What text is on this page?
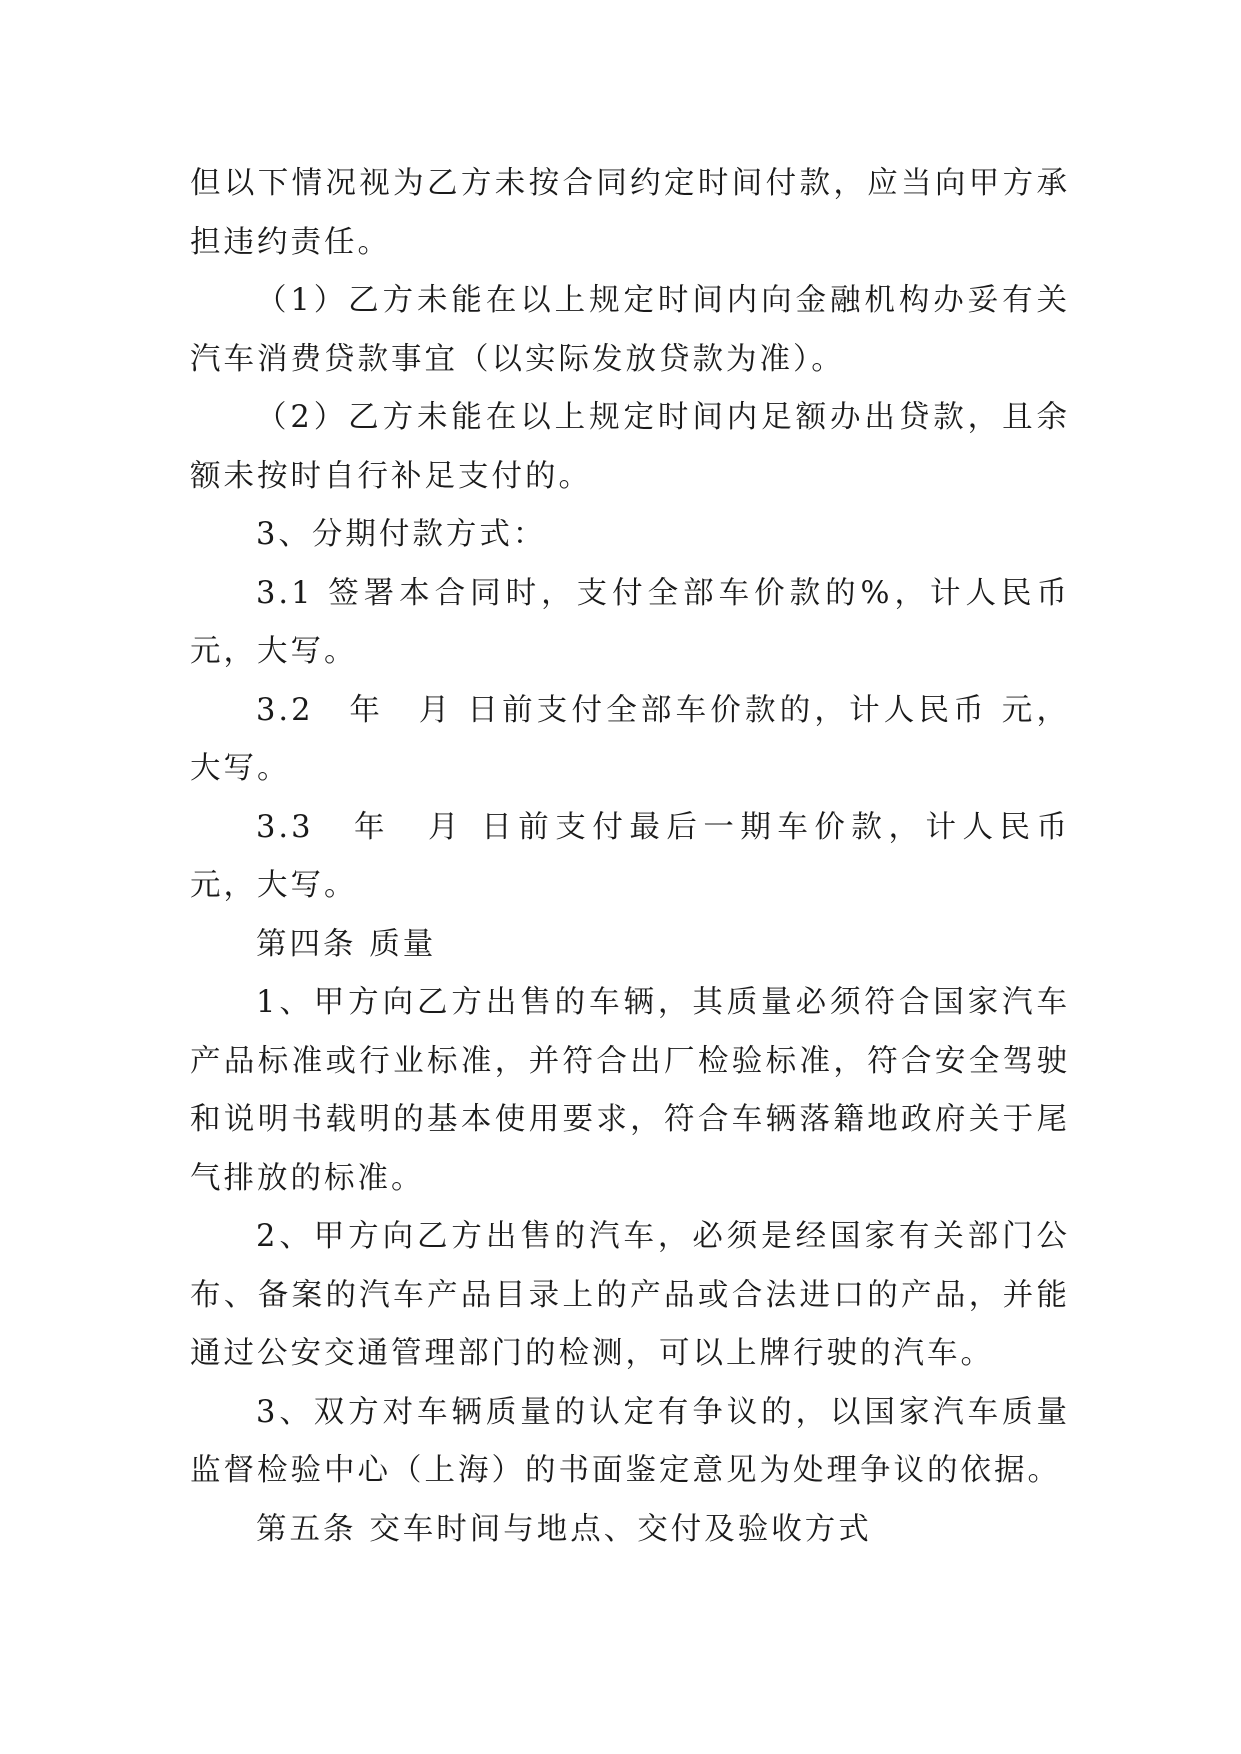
但以下情况视为乙方未按合同约定时间付款，应当向甲方承担违约责任。

（1）乙方未能在以上规定时间内向金融机构办妥有关汽车消费贷款事宜（以实际发放贷款为准）。

（2）乙方未能在以上规定时间内足额办出贷款，且余额未按时自行补足支付的。

3、分期付款方式：

3.1 签署本合同时，支付全部车价款的%，计人民币 元，大写。

3.2　年　月 日前支付全部车价款的，计人民币 元，大写。

3.3　年　月 日前支付最后一期车价款，计人民币 元，大写。

第四条 质量

1、甲方向乙方出售的车辆，其质量必须符合国家汽车产品标准或行业标准，并符合出厂检验标准，符合安全驾驶和说明书载明的基本使用要求，符合车辆落籍地政府关于尾气排放的标准。

2、甲方向乙方出售的汽车，必须是经国家有关部门公布、备案的汽车产品目录上的产品或合法进口的产品，并能通过公安交通管理部门的检测，可以上牌行驶的汽车。

3、双方对车辆质量的认定有争议的，以国家汽车质量监督检验中心（上海）的书面鉴定意见为处理争议的依据。

第五条 交车时间与地点、交付及验收方式
